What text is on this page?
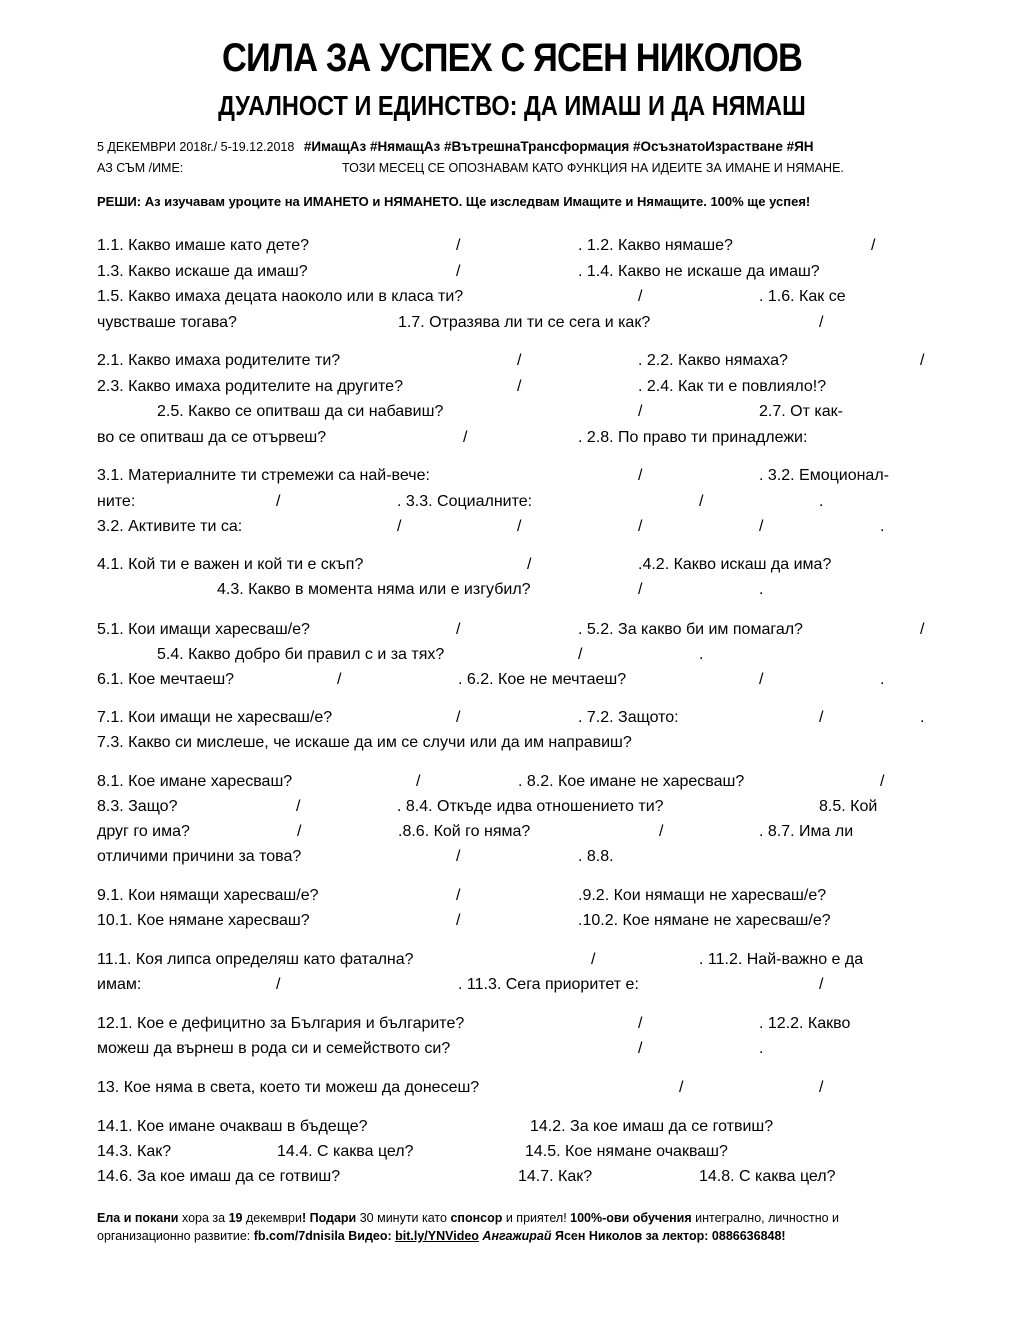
СИЛА ЗА УСПЕХ С ЯСЕН НИКОЛОВ
ДУАЛНОСТ И ЕДИНСТВО: ДА ИМАШ И ДА НЯМАШ
5 ДЕКЕМВРИ 2018г./ 5-19.12.2018 #ИмащАз #НямащАз #ВътрешнаТрансформация #ОсъзнатоИзрастване #ЯН
АЗ СЪМ /ИМЕ:	ТОЗИ МЕСЕЦ СЕ ОПОЗНАВАМ КАТО ФУНКЦИЯ НА ИДЕИТЕ ЗА ИМАНЕ И НЯМАНЕ.
РЕШИ: Аз изучавам уроците на ИМАНЕТО и НЯМАНЕТО. Ще изследвам Имащите и Нямащите. 100% ще успея!
1.1. Какво имаше като дете?	/	. 1.2. Какво нямаше?	/
1.3. Какво искаше да имаш?	/	. 1.4. Какво не искаше да имаш?
1.5. Какво имаха децата наоколо или в класа ти?	/	. 1.6. Как се
чувстваше тогава?	1.7. Отразява ли ти се сега и как?	/
2.1. Какво имаха родителите ти?	/	. 2.2. Какво нямаха?	/
2.3. Какво имаха родителите на другите?	/	. 2.4. Как ти е повлияло!?
2.5. Какво се опитваш да си набавиш?	/	2.7. От как-
во се опитваш да се отървеш?	/	. 2.8. По право ти принадлежи:
3.1. Материалните ти стремежи са най-вече:	/	. 3.2. Емоционал-
ните:	/	. 3.3. Социалните:	/	.
3.2. Активите ти са:	/	/	/	/	.
4.1. Кой ти е важен и кой ти е скъп?	/	.4.2. Какво искаш да има?
4.3. Какво в момента няма или е изгубил?	/	.
5.1. Кои имащи харесваш/е?	/	. 5.2. За какво би им помагал?	/
5.4. Какво добро би правил с и за тях?	/	.
6.1. Кое мечтаеш?	/	. 6.2. Кое не мечтаеш?	/	.
7.1. Кои имащи не харесваш/е?	/	. 7.2. Защото:	/	.
7.3. Какво си мислеше, че искаше да им се случи или да им направиш?
8.1. Кое имане харесваш?	/	. 8.2. Кое имане не харесваш?	/
8.3. Защо?	/	. 8.4. Откъде идва отношението ти?	8.5. Кой
друг го има?	/	.8.6. Кой го няма?	/	. 8.7. Има ли
отличими причини за това?	/	. 8.8.
9.1. Кои нямащи харесваш/е?	/	.9.2. Кои нямащи не харесваш/е?
10.1. Кое нямане харесваш?	/	.10.2. Кое нямане не харесваш/е?
11.1. Коя липса определяш като фатална?	/	. 11.2. Най-важно е да
имам:	/	. 11.3. Сега приоритет е:	/
12.1. Кое е дефицитно за България и българите?	/	. 12.2. Какво
можеш да върнеш в рода си и семейството си?	/	.
13. Кое няма в света, което ти можеш да донесеш?	/	/
14.1. Кое имане очакваш в бъдеще?	14.2. За кое имаш да се готвиш?
14.3. Как?	14.4. С каква цел?	14.5. Кое нямане очакваш?
14.6. За кое имаш да се готвиш?	14.7. Как?	14.8. С каква цел?
Ела и покани хора за 19 декември! Подари 30 минути като спонсор и приятел! 100%-ови обучения интегрално, личностно и
организационно развитие: fb.com/7dnisila Видео: bit.ly/YNVideo Ангажирай Ясен Николов за лектор: 0886636848!
